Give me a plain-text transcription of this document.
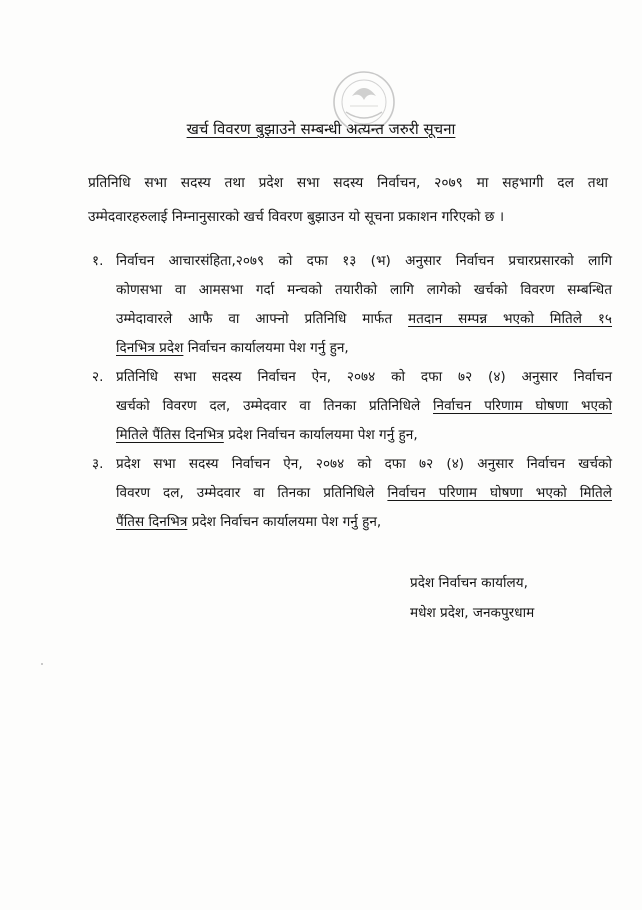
खर्च विवरण बुझाउने सम्बन्धी अत्यन्त जरुरी सूचना
प्रतिनिधि सभा सदस्य तथा प्रदेश सभा सदस्य निर्वाचन, २०७९ मा सहभागी दल तथा
उम्मेदवारहरुलाई निम्नानुसारको खर्च विवरण बुझाउन यो सूचना प्रकाशन गरिएको छ ।
१. निर्वाचन आचारसंहिता,२०७९ को दफा १३ (भ) अनुसार निर्वाचन प्रचारप्रसारको लागि
कोणसभा वा आमसभा गर्दा मन्चको तयारीको लागि लागेको खर्चको विवरण सम्बन्धित
उम्मेदावारले आफै वा आफ्नो प्रतिनिधि मार्फत मतदान सम्पन्न भएको मितिले १५
दिनभित्र प्रदेश निर्वाचन कार्यालयमा पेश गर्नु हुन,
२. प्रतिनिधि सभा सदस्य निर्वाचन ऐन, २०७४ को दफा ७२ (४) अनुसार निर्वाचन
खर्चको विवरण दल, उम्मेदवार वा तिनका प्रतिनिधिले निर्वाचन परिणाम घोषणा भएको
मितिले पैंतिस दिनभित्र प्रदेश निर्वाचन कार्यालयमा पेश गर्नु हुन,
३. प्रदेश सभा सदस्य निर्वाचन ऐन, २०७४ को दफा ७२ (४) अनुसार निर्वाचन खर्चको
विवरण दल, उम्मेदवार वा तिनका प्रतिनिधिले निर्वाचन परिणाम घोषणा भएको मितिले
पैंतिस दिनभित्र प्रदेश निर्वाचन कार्यालयमा पेश गर्नु हुन,
प्रदेश निर्वाचन कार्यालय,
मधेश प्रदेश, जनकपुरधाम
